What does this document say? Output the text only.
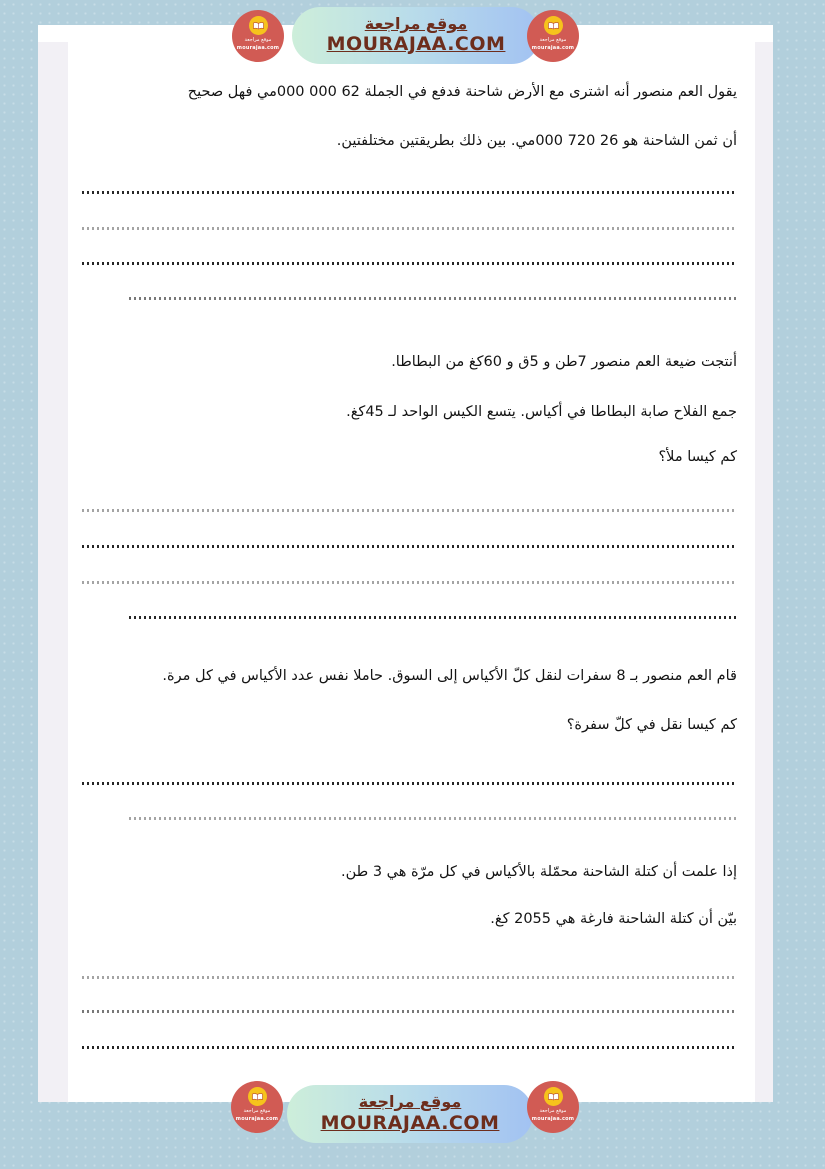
موقع مراجعة
mourajaa.com
موقع مراجعة
MOURAJAA.COM	موقع مراجعة
mourajaa.com
يقول العم منصور أنه اشترى مع الأرض شاحنة فدفع في الجملة 62 000 000مي فهل صحيح
أن ثمن الشاحنة هو 26 720 000مي. بين ذلك بطريقتين مختلفتين.
أنتجت ضيعة العم منصور 7طن و 5ق و 60كغ من البطاطا.
جمع الفلاح صابة البطاطا في أكياس. يتسع الكيس الواحد لـ 45كغ.
كم كيسا ملأ؟
قام العم منصور بـ 8 سفرات لنقل كلّ الأكياس إلى السوق. حاملا نفس عدد الأكياس في كل مرة.
كم كيسا نقل في كلّ سفرة؟
إذا علمت أن كتلة الشاحنة محمّلة بالأكياس في كل مرّة هي 3 طن.
بيّن أن كتلة الشاحنة فارغة هي 2055 كغ.
موقع مراجعة
mourajaa.com
موقع مراجعة
MOURAJAA.COM
موقع مراجعة
mourajaa.com
